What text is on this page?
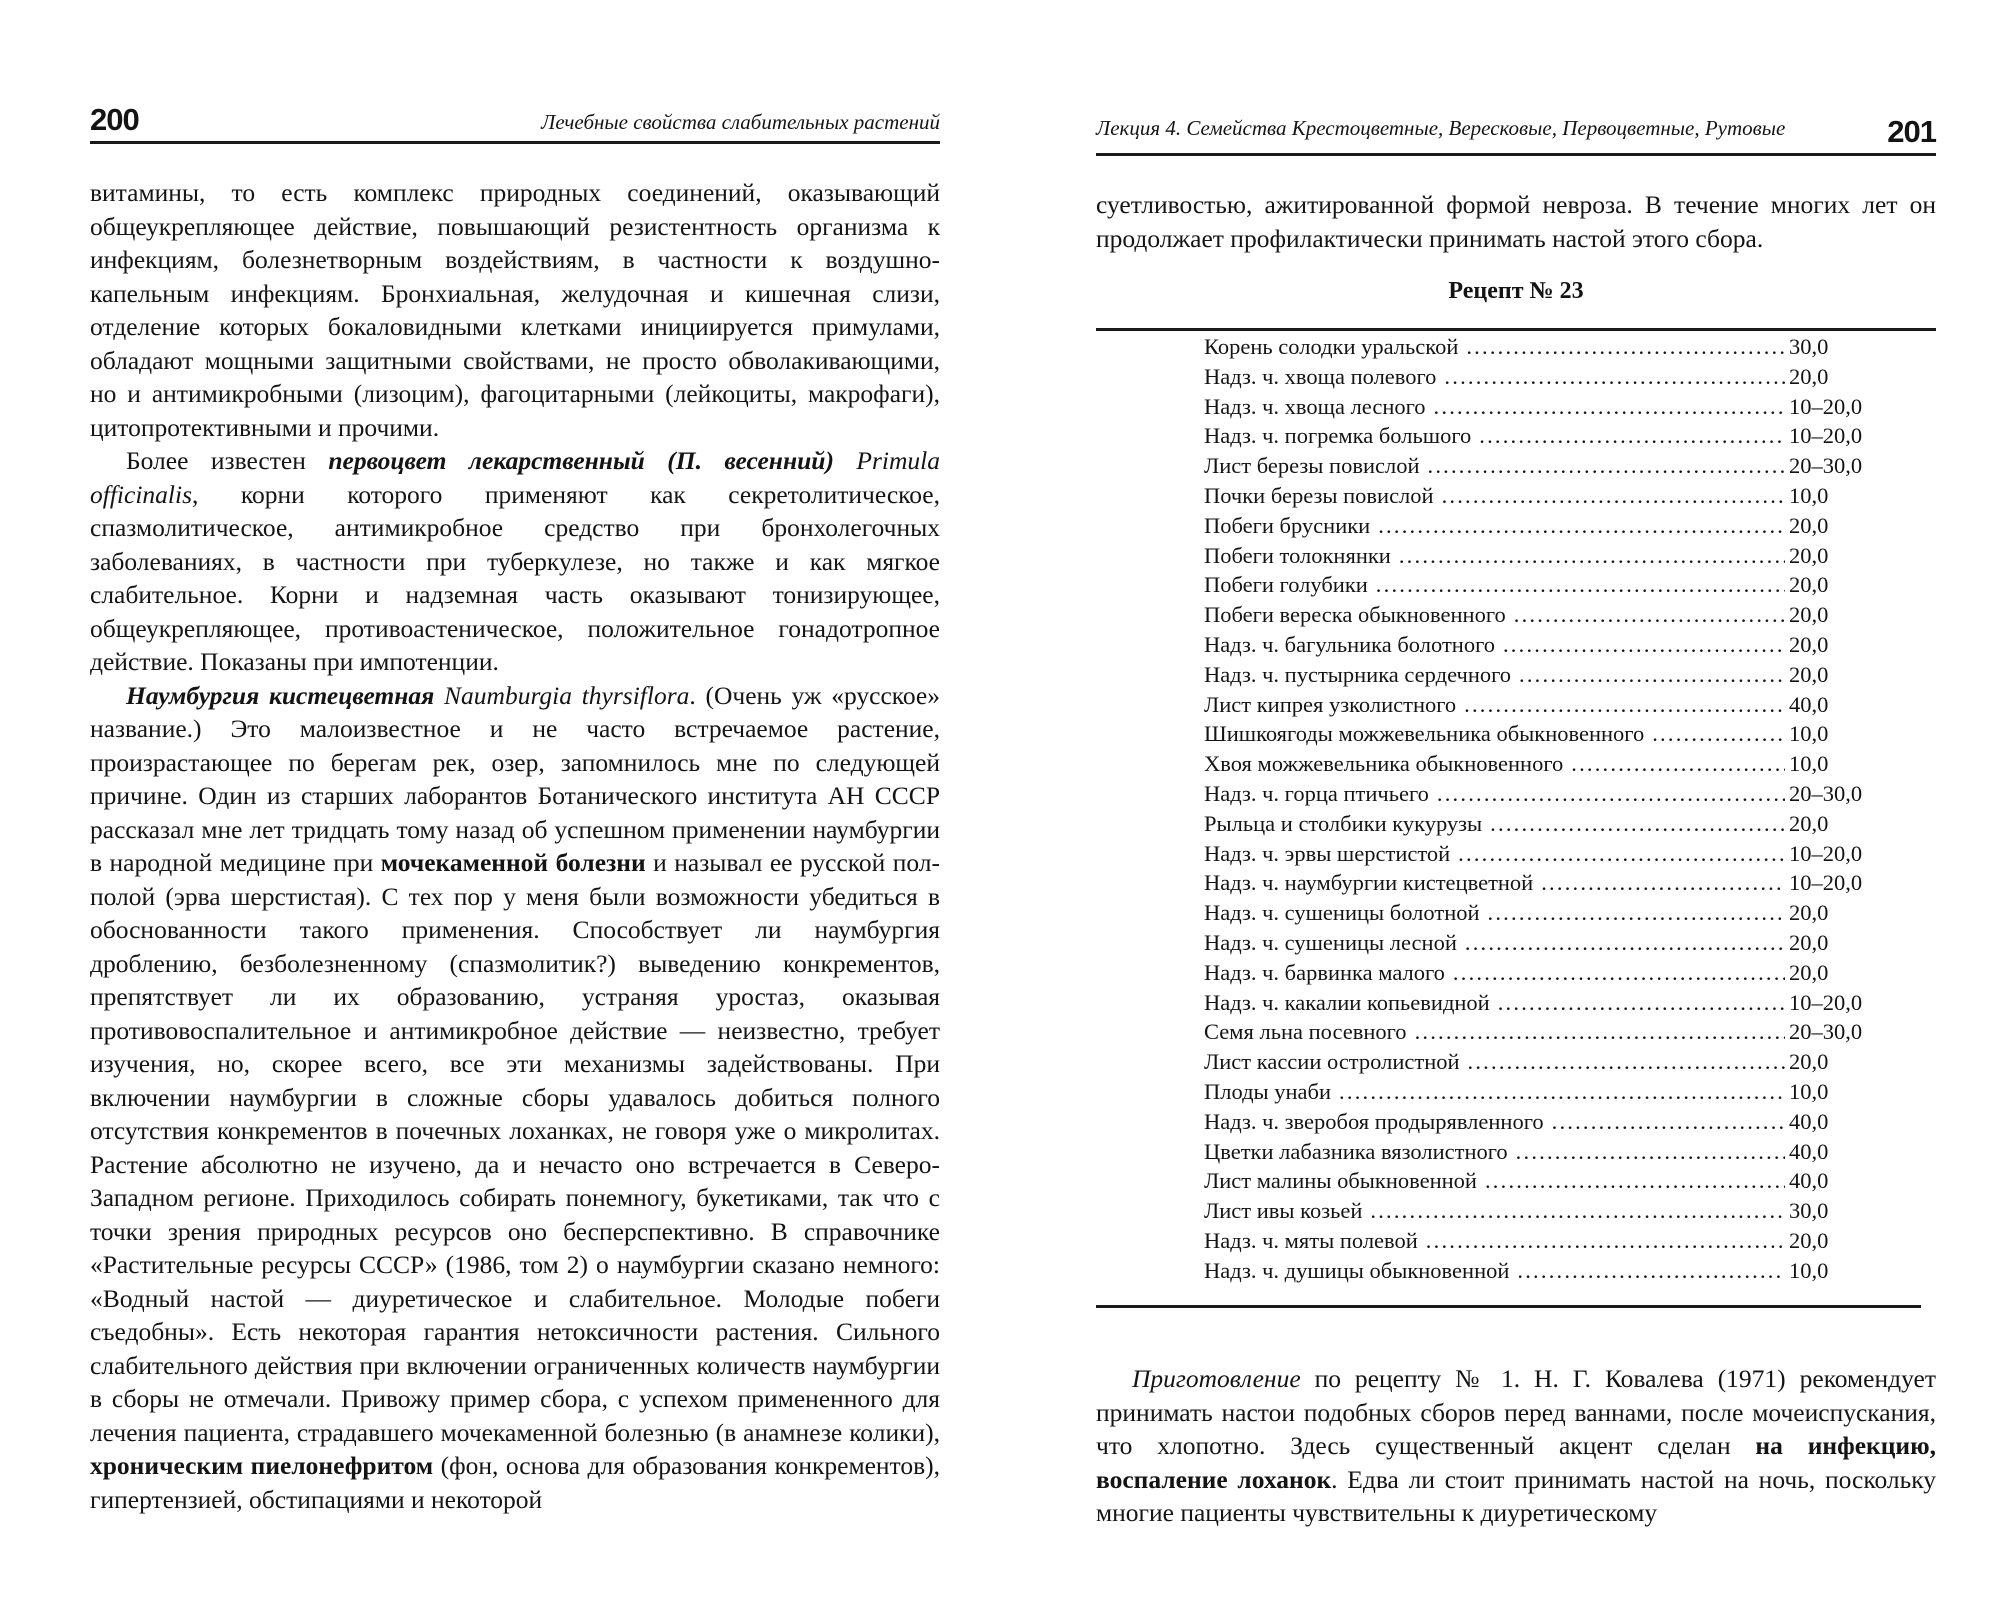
200	Лечебные свойства слабительных растений

витамины, то есть комплекс природных соединений, оказывающий общеукрепляющее действие, повышающий резистентность организма к инфекциям, болезнетворным воздействиям, в частности к воздушно-капельным инфекциям. Бронхиальная, желудочная и кишечная слизи, отделение которых бокаловидными клетками инициируется примулами, обладают мощными защитными свойствами, не просто обволакивающими, но и антимикробными (лизоцим), фагоцитарными (лейкоциты, макрофаги), цитопротективными и прочими.

Более известен первоцвет лекарственный (П. весенний) Primula officinalis, корни которого применяют как секретолитическое, спазмолитическое, антимикробное средство при бронхолегочных заболеваниях, в частности при туберкулезе, но также и как мягкое слабительное. Корни и надземная часть оказывают тонизирующее, общеукрепляющее, противоастеническое, положительное гонадотропное действие. Показаны при импотенции.

Наумбургия кистецветная Naumburgia thyrsiflora. (Очень уж «русское» название.) Это малоизвестное и не часто встречаемое растение, произрастающее по берегам рек, озер, запомнилось мне по следующей причине. Один из старших лаборантов Ботанического института АН СССР рассказал мне лет тридцать тому назад об успешном применении наумбургии в народной медицине при мочекаменной болезни и называл ее русской пол-полой (эрва шерстистая). С тех пор у меня были возможности убедиться в обоснованности такого применения. Способствует ли наумбургия дроблению, безболезненному (спазмолитик?) выведению конкрементов, препятствует ли их образованию, устраняя уростаз, оказывая противовоспалительное и антимикробное действие — неизвестно, требует изучения, но, скорее всего, все эти механизмы задействованы. При включении наумбургии в сложные сборы удавалось добиться полного отсутствия конкрементов в почечных лоханках, не говоря уже о микролитах. Растение абсолютно не изучено, да и нечасто оно встречается в Северо-Западном регионе. Приходилось собирать понемногу, букетиками, так что с точки зрения природных ресурсов оно бесперспективно. В справочнике «Растительные ресурсы СССР» (1986, том 2) о наумбургии сказано немного: «Водный настой — диуретическое и слабительное. Молодые побеги съедобны». Есть некоторая гарантия нетоксичности растения. Сильного слабительного действия при включении ограниченных количеств наумбургии в сборы не отмечали. Привожу пример сбора, с успехом примененного для лечения пациента, страдавшего мочекаменной болезнью (в анамнезе колики), хроническим пиелонефритом (фон, основа для образования конкрементов), гипертензией, обстипациями и некоторой

Лекция 4. Семейства Крестоцветные, Вересковые, Первоцветные, Рутовые	201

суетливостью, ажитированной формой невроза. В течение многих лет он продолжает профилактически принимать настой этого сбора.

Рецепт № 23
Корень солодки уральской .....	30,0
Надз. ч. хвоща полевого .....	20,0
Надз. ч. хвоща лесного .....	10–20,0
Надз. ч. погремка большого .....	10–20,0
Лист березы повислой .....	20–30,0
Почки березы повислой .....	10,0
Побеги брусники .....	20,0
Побеги толокнянки .....	20,0
Побеги голубики .....	20,0
Побеги вереска обыкновенного .....	20,0
Надз. ч. багульника болотного .....	20,0
Надз. ч. пустырника сердечного .....	20,0
Лист кипрея узколистного .....	40,0
Шишкоягоды можжевельника обыкновенного .....	10,0
Хвоя можжевельника обыкновенного .....	10,0
Надз. ч. горца птичьего .....	20–30,0
Рыльца и столбики кукурузы .....	20,0
Надз. ч. эрвы шерстистой .....	10–20,0
Надз. ч. наумбургии кистецветной .....	10–20,0
Надз. ч. сушеницы болотной .....	20,0
Надз. ч. сушеницы лесной .....	20,0
Надз. ч. барвинка малого .....	20,0
Надз. ч. какалии копьевидной .....	10–20,0
Семя льна посевного .....	20–30,0
Лист кассии остролистной .....	20,0
Плоды унаби .....	10,0
Надз. ч. зверобоя продырявленного .....	40,0
Цветки лабазника вязолистного .....	40,0
Лист малины обыкновенной .....	40,0
Лист ивы козьей .....	30,0
Надз. ч. мяты полевой .....	20,0
Надз. ч. душицы обыкновенной .....	10,0

Приготовление по рецепту № 1. Н. Г. Ковалева (1971) рекомендует принимать настои подобных сборов перед ваннами, после мочеиспускания, что хлопотно. Здесь существенный акцент сделан на инфекцию, воспаление лоханок. Едва ли стоит принимать настой на ночь, поскольку многие пациенты чувствительны к диуретическому
